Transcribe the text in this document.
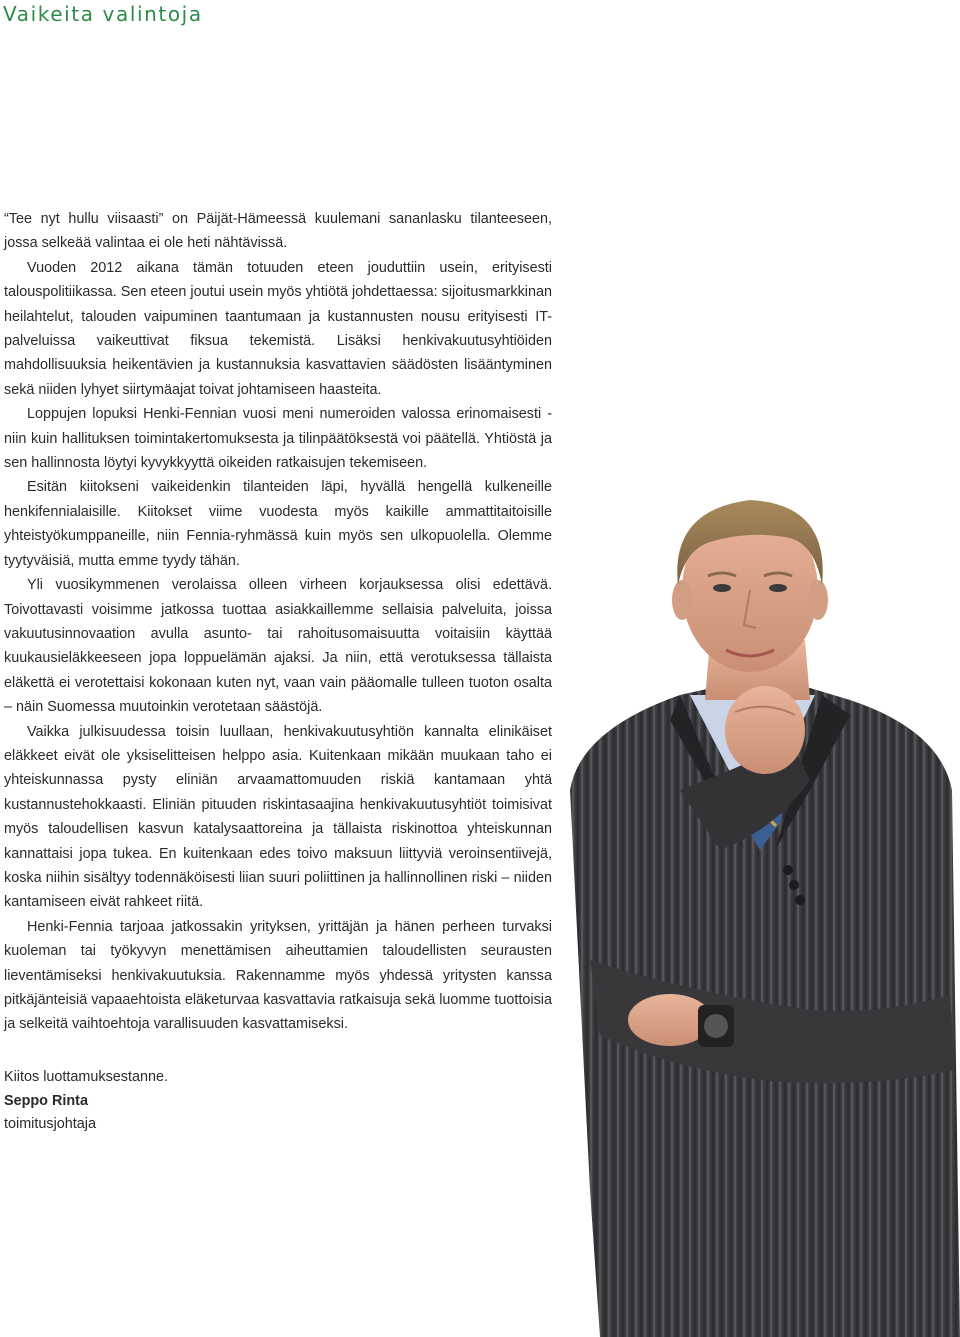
Vaikeita valintoja

“Tee nyt hullu viisaasti” on Päijät-Hämeessä kuulemani sananlasku tilanteeseen, jossa selkeää valintaa ei ole heti nähtävissä.

Vuoden 2012 aikana tämän totuuden eteen jouduttiin usein, erityisesti talouspolitiikassa. Sen eteen joutui usein myös yhtiötä johdettaessa: sijoitusmarkkinan heilahtelut, talouden vaipuminen taantumaan ja kustannusten nousu erityisesti IT-palveluissa vaikeuttivat fiksua tekemistä. Lisäksi henkivakuutusyhtiöiden mahdollisuuksia heikentävien ja kustannuksia kasvattavien säädösten lisääntyminen sekä niiden lyhyet siirtymäajat toivat johtamiseen haasteita.

Loppujen lopuksi Henki-Fennian vuosi meni numeroiden valossa erinomaisesti - niin kuin hallituksen toimintakertomuksesta ja tilinpäätöksestä voi päätellä. Yhtiöstä ja sen hallinnosta löytyi kyvykkyyttä oikeiden ratkaisujen tekemiseen.

Esitän kiitokseni vaikeidenkin tilanteiden läpi, hyvällä hengellä kulkeneille henkifennialaisille. Kiitokset viime vuodesta myös kaikille ammattitaitoisille yhteistyökumppaneille, niin Fennia-ryhmässä kuin myös sen ulkopuolella. Olemme tyytyväisiä, mutta emme tyydy tähän.

Yli vuosikymmenen verolaissa olleen virheen korjauksessa olisi edettävä. Toivottavasti voisimme jatkossa tuottaa asiakkaillemme sellaisia palveluita, joissa vakuutusinnovaation avulla asunto- tai rahoitusomaisuutta voitaisiin käyttää kuukausieläkkeeseen jopa loppuelämän ajaksi. Ja niin, että verotuksessa tällaista eläkettä ei verotettaisi kokonaan kuten nyt, vaan vain pääomalle tulleen tuoton osalta – näin Suomessa muutoinkin verotetaan säästöjä.

Vaikka julkisuudessa toisin luullaan, henkivakuutusyhtiön kannalta elinikäiset eläkkeet eivät ole yksiselitteisen helppo asia. Kuitenkaan mikään muukaan taho ei yhteiskunnassa pysty eliniän arvaamattomuuden riskiä kantamaan yhtä kustannustehokkaasti. Eliniän pituuden riskintasaajina henkivakuutusyhtiöt toimisivat myös taloudellisen kasvun katalysaattoreina ja tällaista riskinottoa yhteiskunnan kannattaisi jopa tukea. En kuitenkaan edes toivo maksuun liittyviä veroinsentiivejä, koska niihin sisältyy todennäköisesti liian suuri poliittinen ja hallinnollinen riski – niiden kantamiseen eivät rahkeet riitä.

Henki-Fennia tarjoaa jatkossakin yrityksen, yrittäjän ja hänen perheen turvaksi kuoleman tai työkyvyn menettämisen aiheuttamien taloudellisten seurausten lieventämiseksi henkivakuutuksia. Rakennamme myös yhdessä yritysten kanssa pitkäjänteisiä vapaaehtoista eläketurvaa kasvattavia ratkaisuja sekä luomme tuottoisia ja selkeitä vaihtoehtoja varallisuuden kasvattamiseksi.

Kiitos luottamuksestanne.
Seppo Rinta
toimitusjohtaja
